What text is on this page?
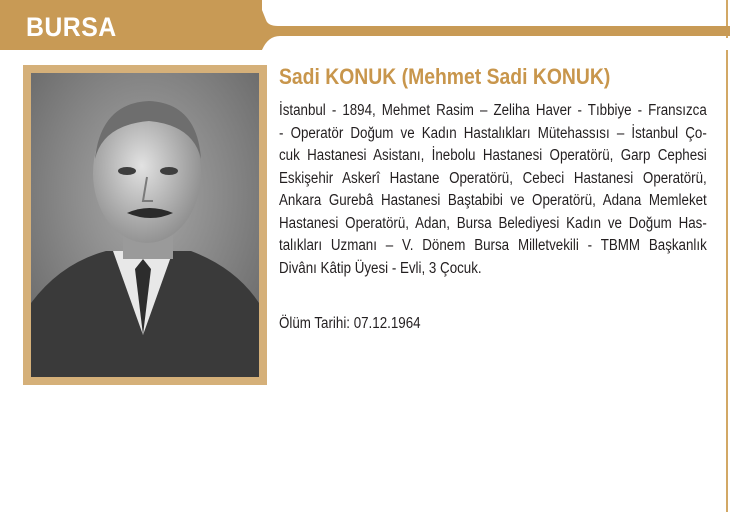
BURSA
Sadi KONUK (Mehmet Sadi KONUK)
İstanbul - 1894, Mehmet Rasim – Zeliha Haver - Tıbbiye - Fransızca
- Operatör Doğum ve Kadın Hastalıkları Mütehassısı – İstanbul Ço-
cuk Hastanesi Asistanı, İnebolu Hastanesi Operatörü, Garp Cephesi
Eskişehir Askerî Hastane Operatörü, Cebeci Hastanesi Operatörü,
Ankara Gurebâ Hastanesi Baştabibi ve Operatörü, Adana Memleket
Hastanesi Operatörü, Adan, Bursa Belediyesi Kadın ve Doğum Has-
talıkları Uzmanı – V. Dönem Bursa Milletvekili - TBMM Başkanlık
Divânı Kâtip Üyesi - Evli, 3 Çocuk.
Ölüm Tarihi: 07.12.1964
